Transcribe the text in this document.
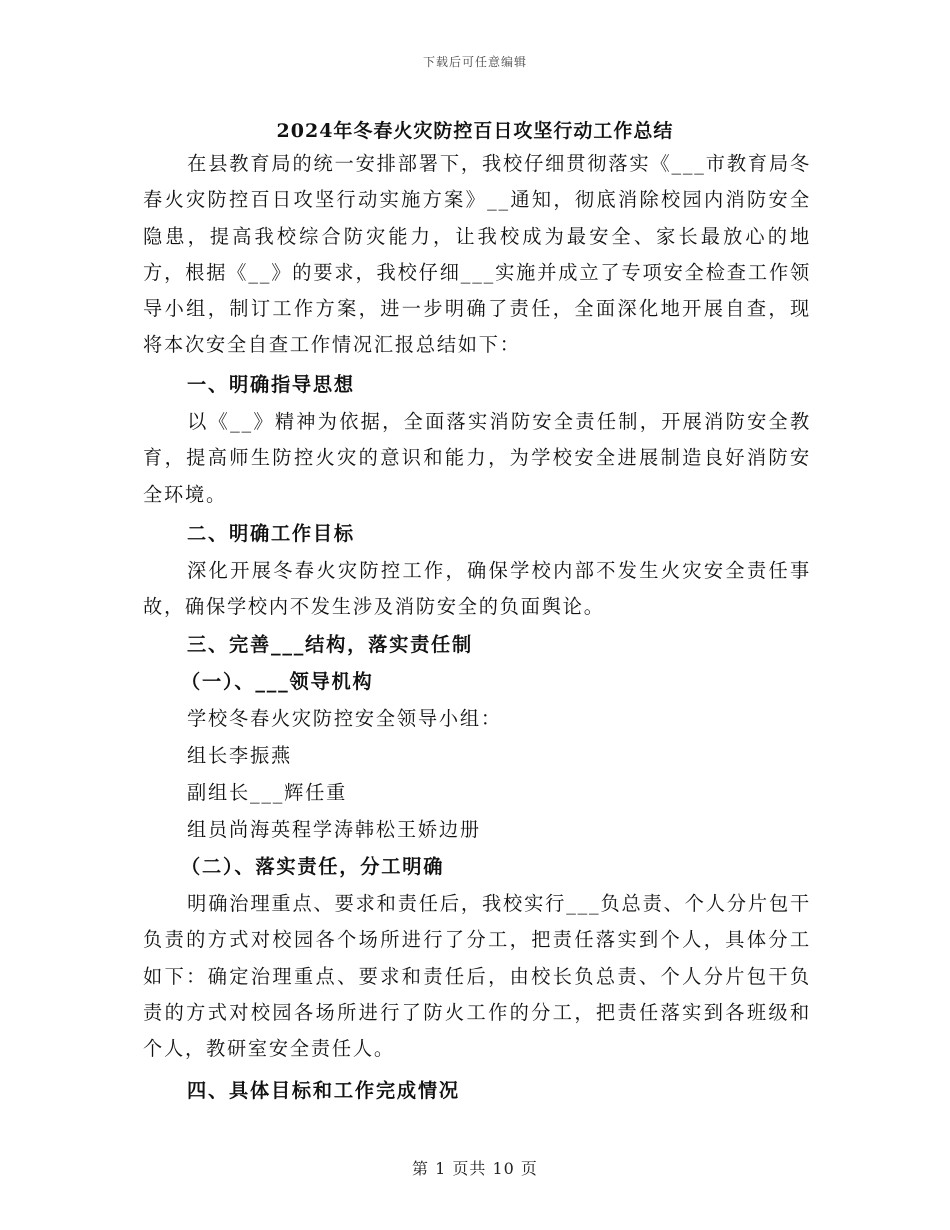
下载后可任意编辑
2024年冬春火灾防控百日攻坚行动工作总结
在县教育局的统一安排部署下，我校仔细贯彻落实《___市教育局冬春火灾防控百日攻坚行动实施方案》__通知，彻底消除校园内消防安全隐患，提高我校综合防灾能力，让我校成为最安全、家长最放心的地方，根据《__》的要求，我校仔细___实施并成立了专项安全检查工作领导小组，制订工作方案，进一步明确了责任，全面深化地开展自查，现将本次安全自查工作情况汇报总结如下：
一、明确指导思想
以《__》精神为依据，全面落实消防安全责任制，开展消防安全教育，提高师生防控火灾的意识和能力，为学校安全进展制造良好消防安全环境。
二、明确工作目标
深化开展冬春火灾防控工作，确保学校内部不发生火灾安全责任事故，确保学校内不发生涉及消防安全的负面舆论。
三、完善___结构，落实责任制
（一）、___领导机构
学校冬春火灾防控安全领导小组：
组长李振燕
副组长___辉任重
组员尚海英程学涛韩松王娇边册
（二）、落实责任，分工明确
明确治理重点、要求和责任后，我校实行___负总责、个人分片包干负责的方式对校园各个场所进行了分工，把责任落实到个人，具体分工如下：确定治理重点、要求和责任后，由校长负总责、个人分片包干负责的方式对校园各场所进行了防火工作的分工，把责任落实到各班级和个人，教研室安全责任人。
四、具体目标和工作完成情况
第 1 页共 10 页
